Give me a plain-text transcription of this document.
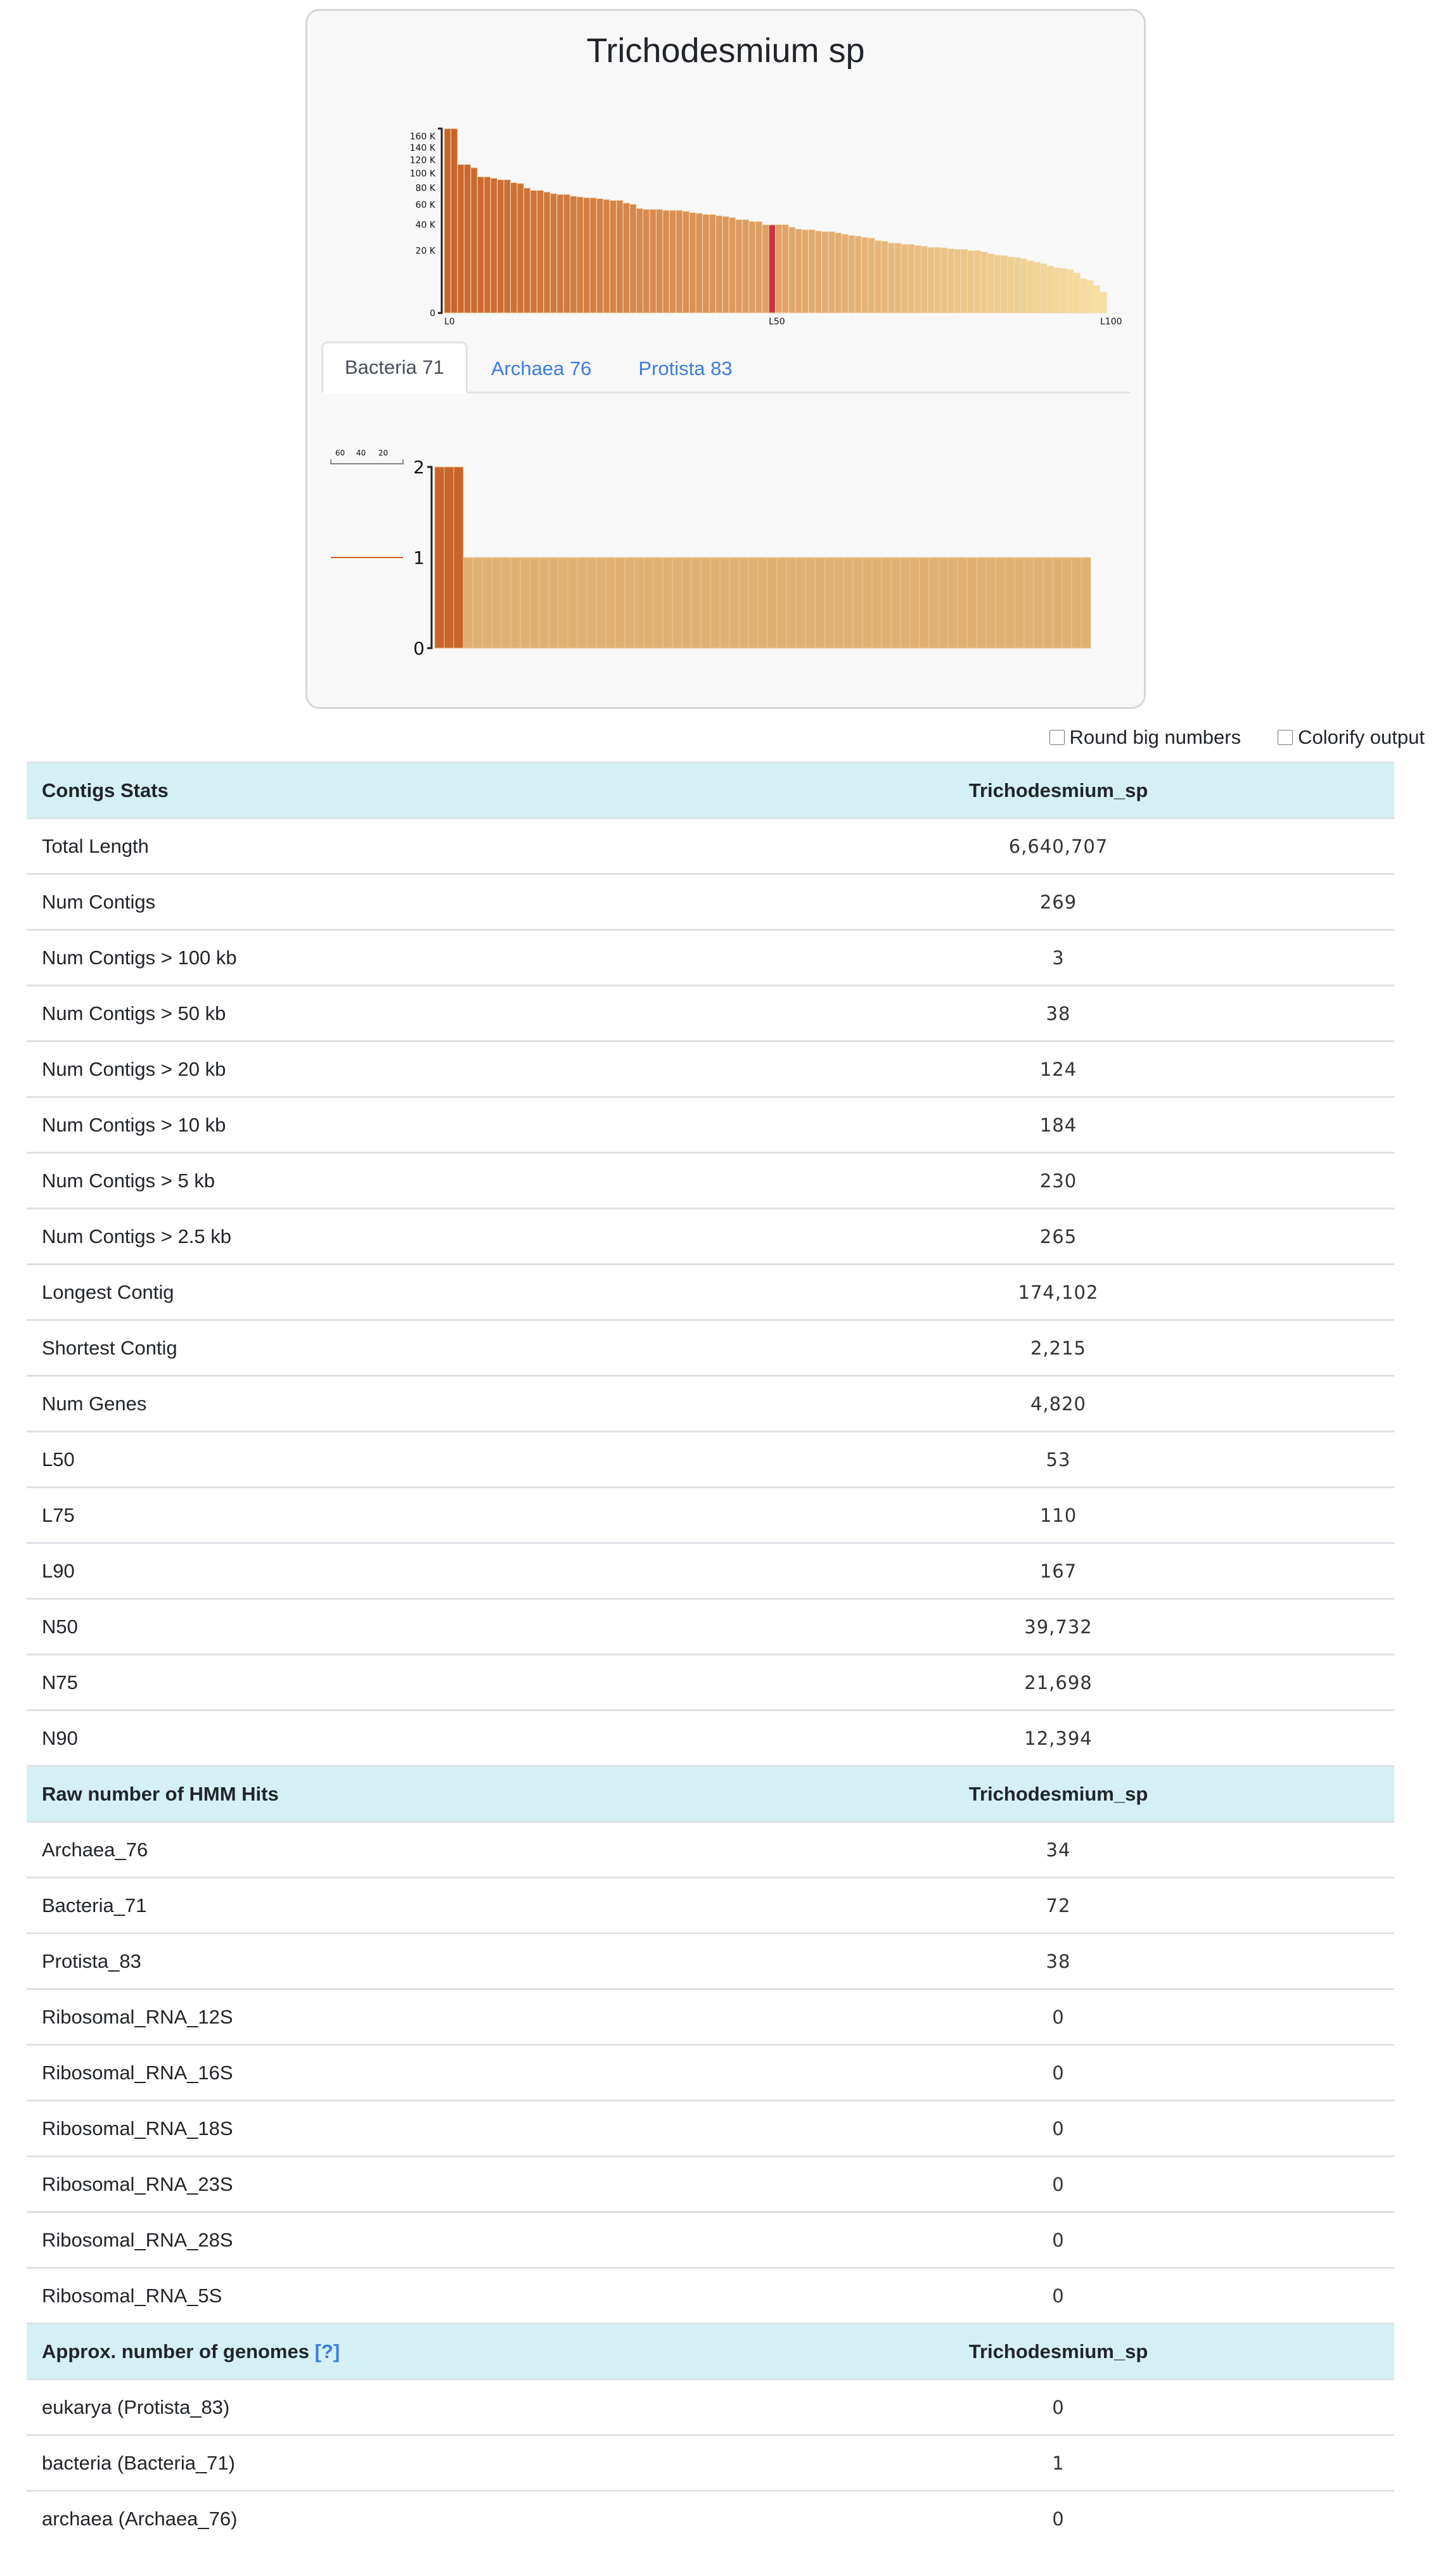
Trichodesmium sp
0
20 K
40 K
60 K
80 K
100 K
120 K
140 K
160 K
L0	L50	L100
Bacteria 71	Archaea 76	Protista 83
0
1
2
60 40 20
Round big numbers	Colorify output
Contigs Stats	Trichodesmium_sp
Total Length	6,640,707
Num Contigs	269
Num Contigs > 100 kb	3
Num Contigs > 50 kb	38
Num Contigs > 20 kb	124
Num Contigs > 10 kb	184
Num Contigs > 5 kb	230
Num Contigs > 2.5 kb	265
Longest Contig	174,102
Shortest Contig	2,215
Num Genes	4,820
L50	53
L75	110
L90	167
N50	39,732
N75	21,698
N90	12,394
Raw number of HMM Hits	Trichodesmium_sp
Archaea_76	34
Bacteria_71	72
Protista_83	38
Ribosomal_RNA_12S	0
Ribosomal_RNA_16S	0
Ribosomal_RNA_18S	0
Ribosomal_RNA_23S	0
Ribosomal_RNA_28S	0
Ribosomal_RNA_5S	0
Approx. number of genomes [?]	Trichodesmium_sp
eukarya (Protista_83)	0
bacteria (Bacteria_71)	1
archaea (Archaea_76)	0
